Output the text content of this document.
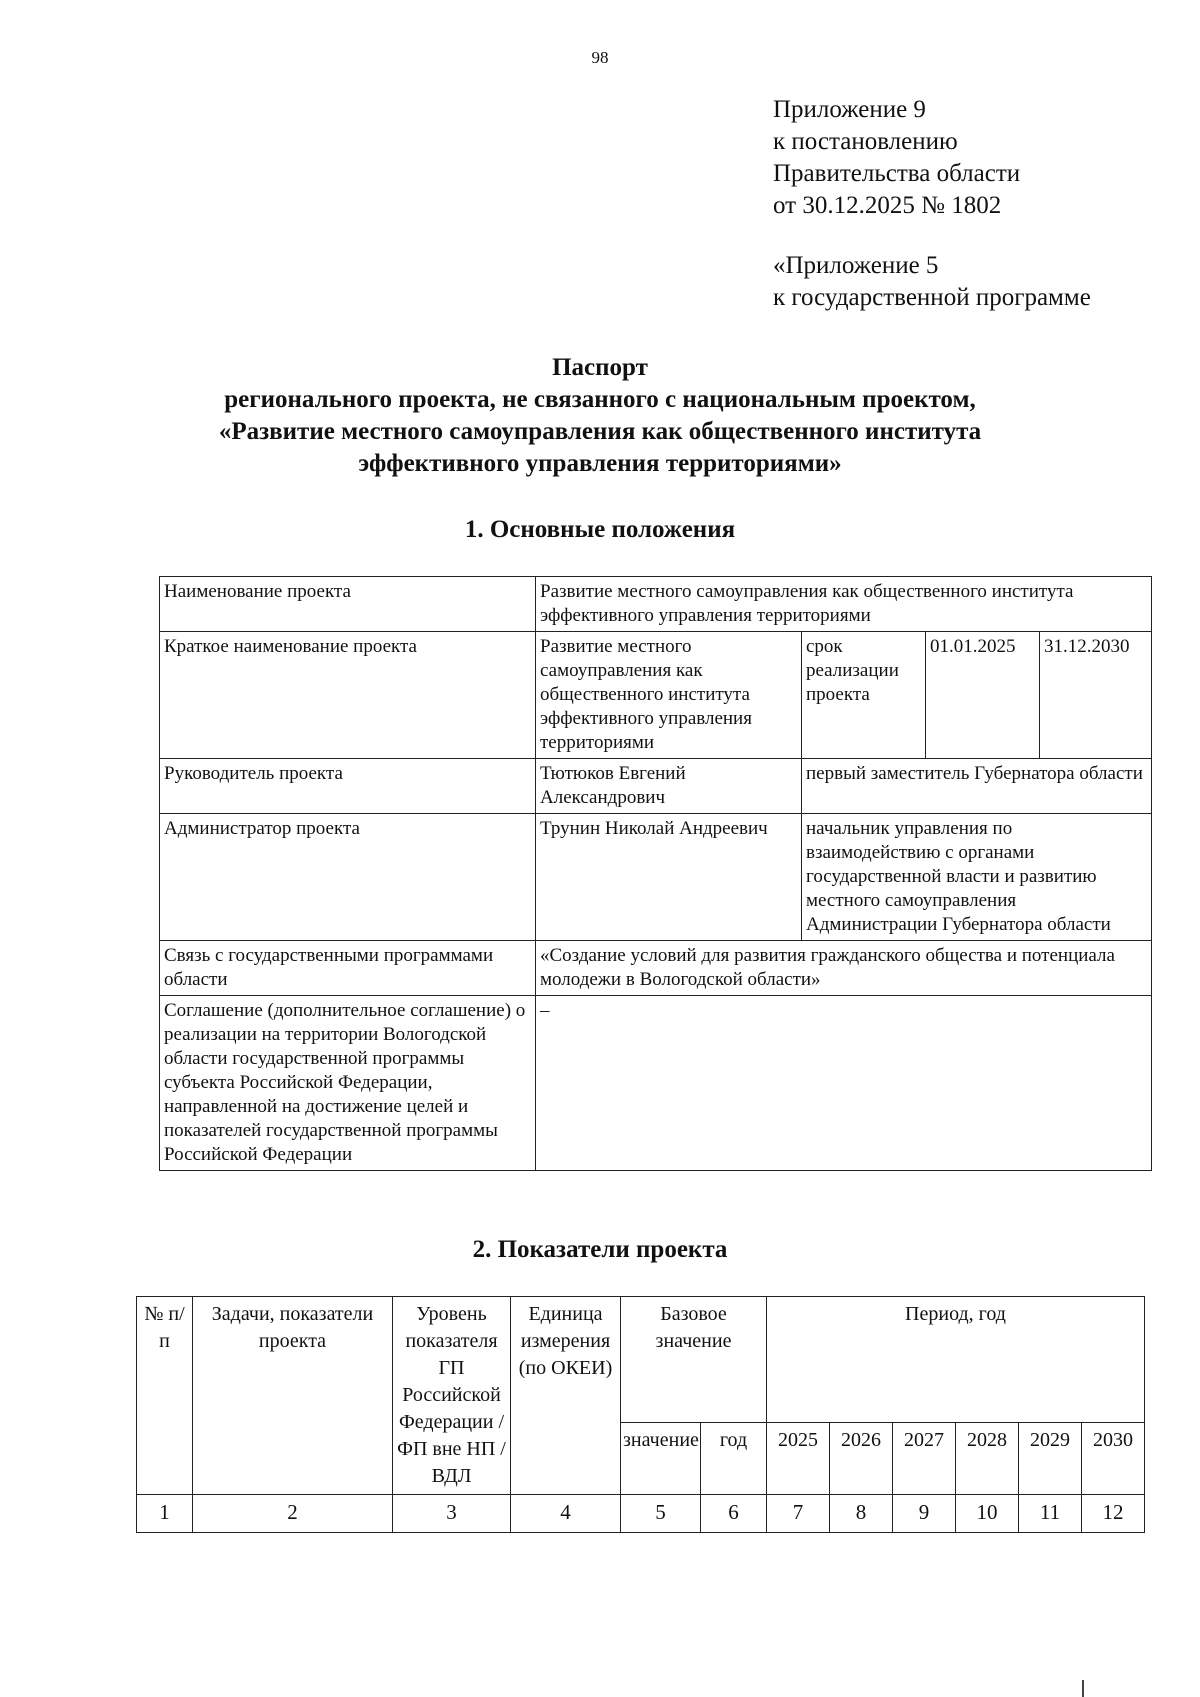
98
Приложение 9
к постановлению
Правительства области
от 30.12.2025 № 1802
«Приложение 5
к государственной программе
Паспорт
регионального проекта, не связанного с национальным проектом,
«Развитие местного самоуправления как общественного института
эффективного управления территориями»
1. Основные положения
Наименование проекта	Развитие местного самоуправления как общественного института эффективного управления территориями			
Краткое наименование проекта	Развитие местного самоуправления как общественного института эффективного управления территориями	срок реализации проекта	01.01.2025	31.12.2030
Руководитель проекта	Тютюков Евгений Александрович	первый заместитель Губернатора области		
Администратор проекта	Трунин Николай Андреевич	начальник управления по взаимодействию с органами государственной власти и развитию местного самоуправления Администрации Губернатора области		
Связь с государственными программами области	«Создание условий для развития гражданского общества и потенциала молодежи в Вологодской области»			
Соглашение (дополнительное соглашение) о реализации на территории Вологодской области государственной программы субъекта Российской Федерации, направленной на достижение целей и показателей государственной программы Российской Федерации	–			
2. Показатели проекта
№ п/п	Задачи, показатели проекта	Уровень показателя ГП Российской Федерации / ФП вне НП / ВДЛ	Единица измерения (по ОКЕИ)	Базовое значение		Период, год					
				значение	год	2025	2026	2027	2028	2029	2030
1	2	3	4	5	6	7	8	9	10	11	12
